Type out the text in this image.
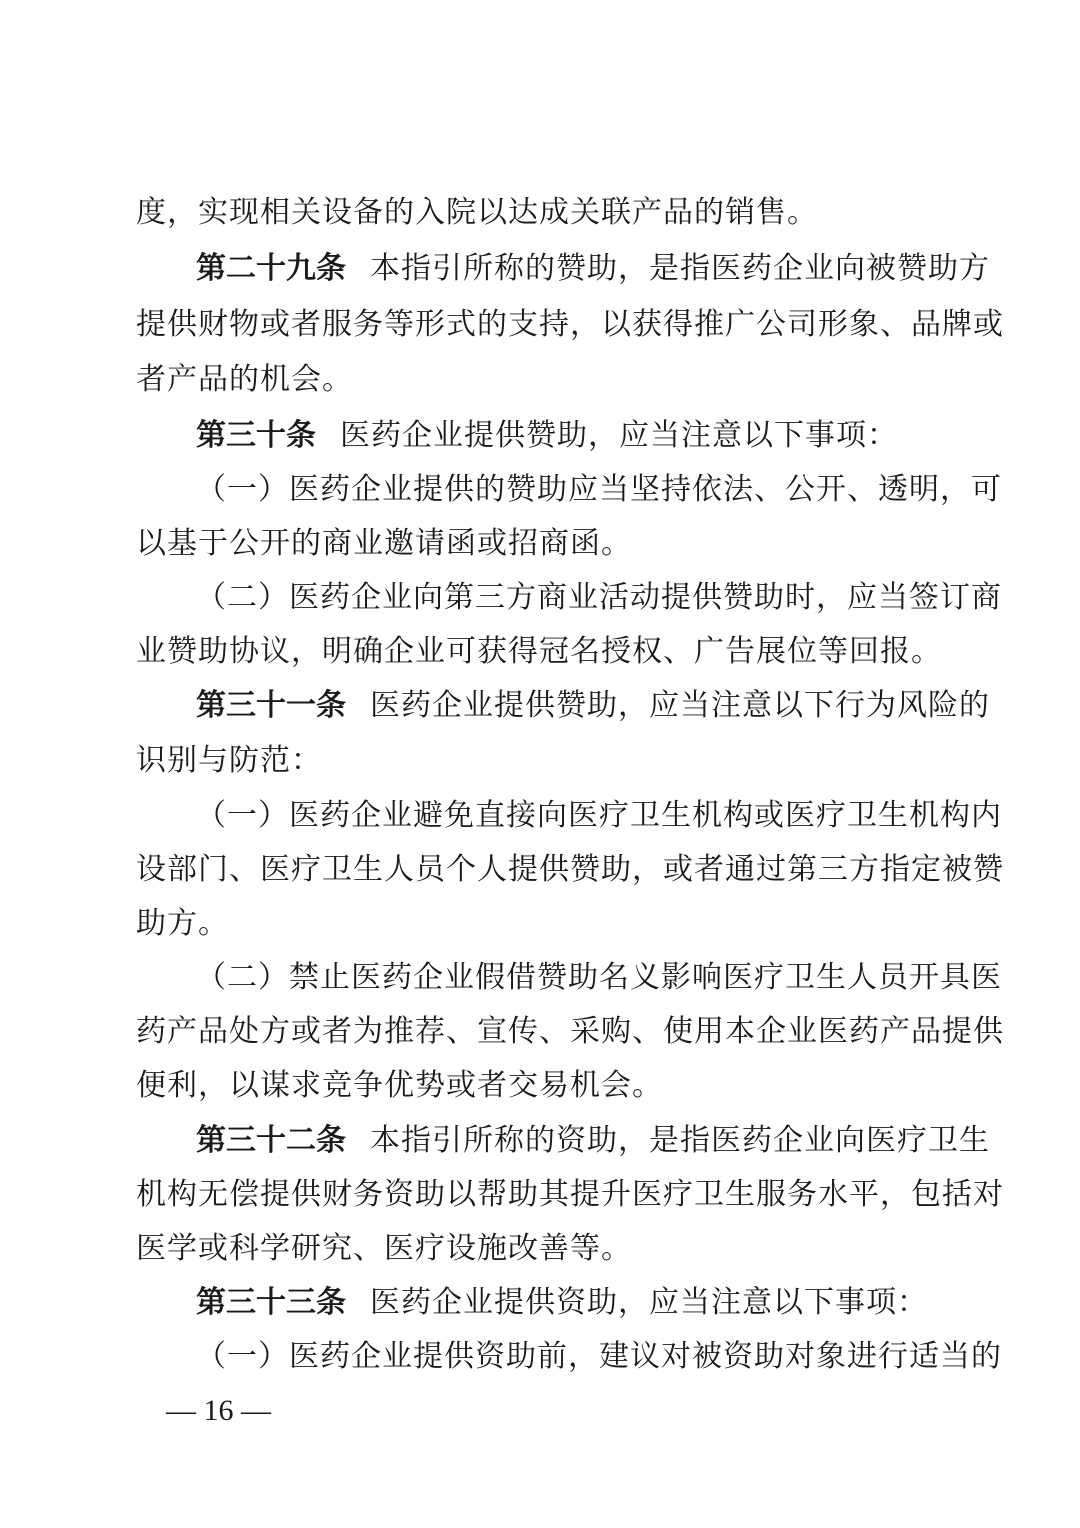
度，实现相关设备的入院以达成关联产品的销售。
第二十九条 本指引所称的赞助，是指医药企业向被赞助方
提供财物或者服务等形式的支持，以获得推广公司形象、品牌或
者产品的机会。
第三十条 医药企业提供赞助，应当注意以下事项：
（一）医药企业提供的赞助应当坚持依法、公开、透明，可
以基于公开的商业邀请函或招商函。
（二）医药企业向第三方商业活动提供赞助时，应当签订商
业赞助协议，明确企业可获得冠名授权、广告展位等回报。
第三十一条 医药企业提供赞助，应当注意以下行为风险的
识别与防范：
（一）医药企业避免直接向医疗卫生机构或医疗卫生机构内
设部门、医疗卫生人员个人提供赞助，或者通过第三方指定被赞
助方。
（二）禁止医药企业假借赞助名义影响医疗卫生人员开具医
药产品处方或者为推荐、宣传、采购、使用本企业医药产品提供
便利，以谋求竞争优势或者交易机会。
第三十二条 本指引所称的资助，是指医药企业向医疗卫生
机构无偿提供财务资助以帮助其提升医疗卫生服务水平，包括对
医学或科学研究、医疗设施改善等。
第三十三条 医药企业提供资助，应当注意以下事项：
（一）医药企业提供资助前，建议对被资助对象进行适当的
— 16 —
